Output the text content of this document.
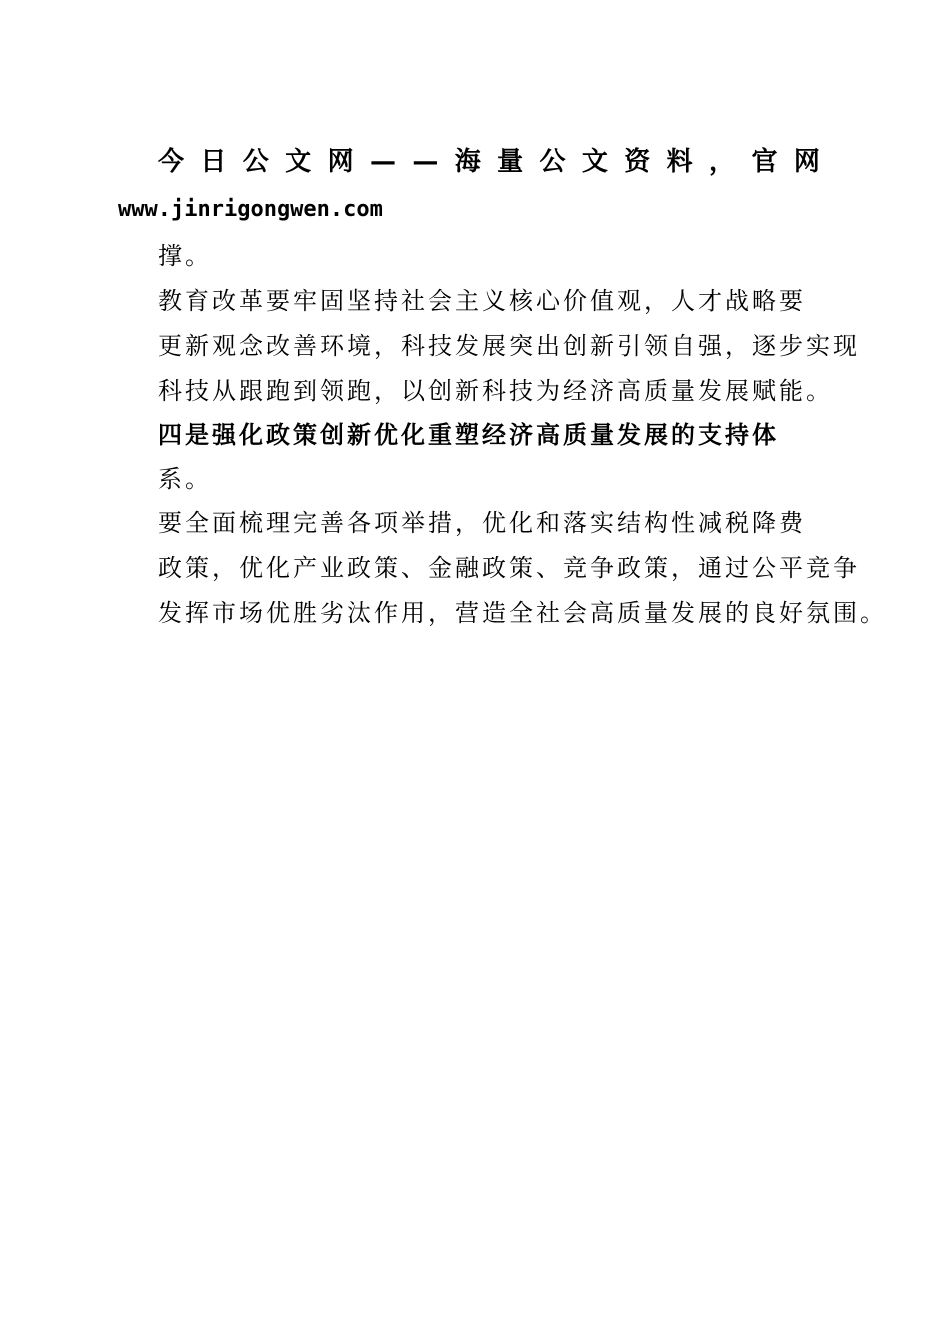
今 日 公 文 网 — — 海 量 公 文 资 料 ， 官 网
www.jinrigongwen.com
撑。
教育改革要牢固坚持社会主义核心价值观，人才战略要
更新观念改善环境，科技发展突出创新引领自强，逐步实现
科技从跟跑到领跑，以创新科技为经济高质量发展赋能。
四是强化政策创新优化重塑经济高质量发展的支持体
系。
要全面梳理完善各项举措，优化和落实结构性减税降费
政策，优化产业政策、金融政策、竞争政策，通过公平竞争
发挥市场优胜劣汰作用，营造全社会高质量发展的良好氛围。
